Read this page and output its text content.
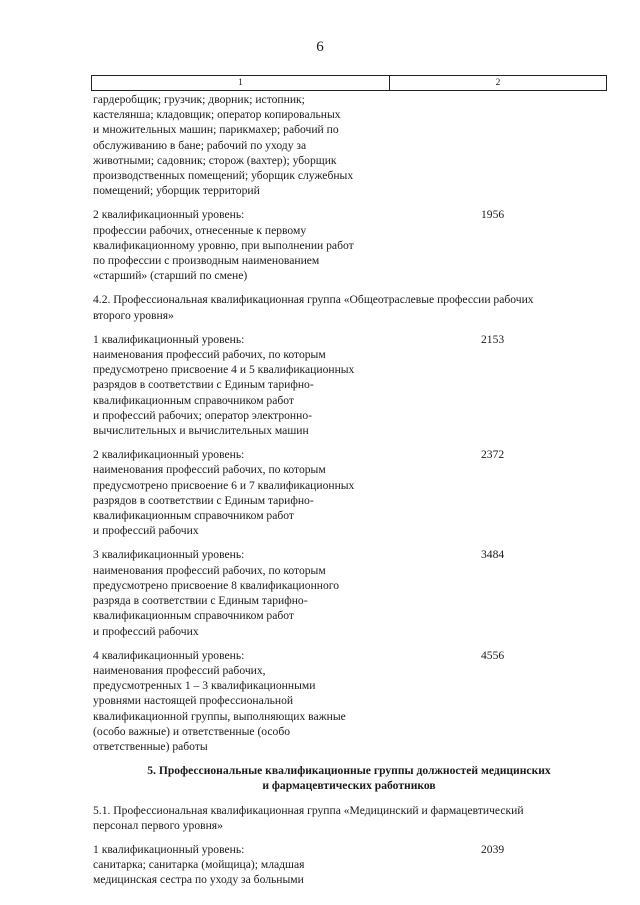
6
1	2
гардеробщик; грузчик; дворник; истопник;
кастелянша; кладовщик; оператор копировальных
и множительных машин; парикмахер; рабочий по
обслуживанию в бане; рабочий по уходу за
животными; садовник; сторож (вахтер); уборщик
производственных помещений; уборщик служебных
помещений; уборщик территорий
2 квалификационный уровень:
профессии рабочих, отнесенные к первому
квалификационному уровню, при выполнении работ
по профессии с производным наименованием
«старший» (старший по смене)
1956
4.2. Профессиональная квалификационная группа «Общеотраслевые профессии рабочих
второго уровня»
1 квалификационный уровень:
наименования профессий рабочих, по которым
предусмотрено присвоение 4 и 5 квалификационных
разрядов в соответствии с Единым тарифно-
квалификационным справочником работ
и профессий рабочих; оператор электронно-
вычислительных и вычислительных машин
2153
2 квалификационный уровень:
наименования профессий рабочих, по которым
предусмотрено присвоение 6 и 7 квалификационных
разрядов в соответствии с Единым тарифно-
квалификационным справочником работ
и профессий рабочих
2372
3 квалификационный уровень:
наименования профессий рабочих, по которым
предусмотрено присвоение 8 квалификационного
разряда в соответствии с Единым тарифно-
квалификационным справочником работ
и профессий рабочих
3484
4 квалификационный уровень:
наименования профессий рабочих,
предусмотренных 1 – 3 квалификационными
уровнями настоящей профессиональной
квалификационной группы, выполняющих важные
(особо важные) и ответственные (особо
ответственные) работы
4556
5. Профессиональные квалификационные группы должностей медицинских
и фармацевтических работников
5.1. Профессиональная квалификационная группа «Медицинский и фармацевтический
персонал первого уровня»
1 квалификационный уровень:
санитарка; санитарка (мойщица); младшая
медицинская сестра по уходу за больными
2039
